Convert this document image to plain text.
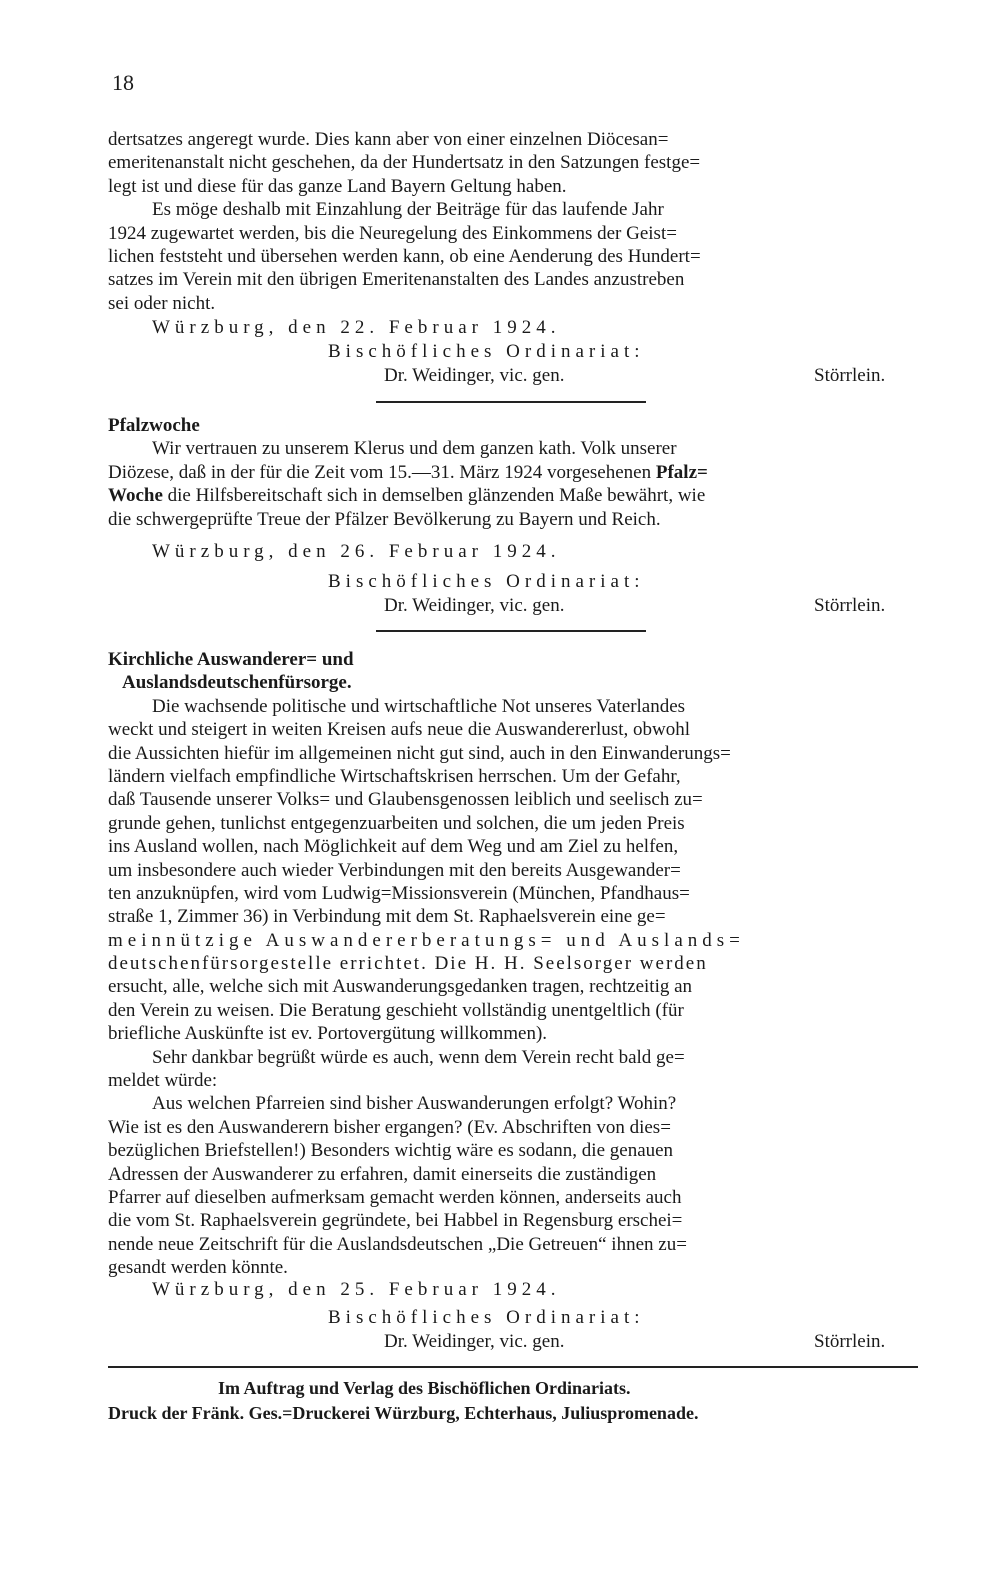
18
dertsatzes angeregt wurde. Dies kann aber von einer einzelnen Diöcesan=
emeritenanstalt nicht geschehen, da der Hundertsatz in den Satzungen festge=
legt ist und diese für das ganze Land Bayern Geltung haben.
Es möge deshalb mit Einzahlung der Beiträge für das laufende Jahr
1924 zugewartet werden, bis die Neuregelung des Einkommens der Geist=
lichen feststeht und übersehen werden kann, ob eine Aenderung des Hundert=
satzes im Verein mit den übrigen Emeritenanstalten des Landes anzustreben
sei oder nicht.
Würzburg, den 22. Februar 1924.
Bischöfliches Ordinariat:
Dr. Weidinger, vic. gen.	Störrlein.
Pfalzwoche
Wir vertrauen zu unserem Klerus und dem ganzen kath. Volk unserer
Diözese, daß in der für die Zeit vom 15.—31. März 1924 vorgesehenen Pfalz=
Woche die Hilfsbereitschaft sich in demselben glänzenden Maße bewährt, wie
die schwergeprüfte Treue der Pfälzer Bevölkerung zu Bayern und Reich.
Würzburg, den 26. Februar 1924.
Bischöfliches Ordinariat:
Dr. Weidinger, vic. gen.	Störrlein.
Kirchliche Auswanderer= und
Auslandsdeutschenfürsorge.
Die wachsende politische und wirtschaftliche Not unseres Vaterlandes
weckt und steigert in weiten Kreisen aufs neue die Auswandererlust, obwohl
die Aussichten hiefür im allgemeinen nicht gut sind, auch in den Einwanderungs=
ländern vielfach empfindliche Wirtschaftskrisen herrschen. Um der Gefahr,
daß Tausende unserer Volks= und Glaubensgenossen leiblich und seelisch zu=
grunde gehen, tunlichst entgegenzuarbeiten und solchen, die um jeden Preis
ins Ausland wollen, nach Möglichkeit auf dem Weg und am Ziel zu helfen,
um insbesondere auch wieder Verbindungen mit den bereits Ausgewander=
ten anzuknüpfen, wird vom Ludwig=Missionsverein (München, Pfandhaus=
straße 1, Zimmer 36) in Verbindung mit dem St. Raphaelsverein eine ge=
meinnützige Auswandererberatungs= und Auslands=
deutschenfürsorgestelle errichtet. Die H. H. Seelsorger werden
ersucht, alle, welche sich mit Auswanderungsgedanken tragen, rechtzeitig an
den Verein zu weisen. Die Beratung geschieht vollständig unentgeltlich (für
briefliche Auskünfte ist ev. Portovergütung willkommen).
Sehr dankbar begrüßt würde es auch, wenn dem Verein recht bald ge=
meldet würde:
Aus welchen Pfarreien sind bisher Auswanderungen erfolgt? Wohin?
Wie ist es den Auswanderern bisher ergangen? (Ev. Abschriften von dies=
bezüglichen Briefstellen!) Besonders wichtig wäre es sodann, die genauen
Adressen der Auswanderer zu erfahren, damit einerseits die zuständigen
Pfarrer auf dieselben aufmerksam gemacht werden können, anderseits auch
die vom St. Raphaelsverein gegründete, bei Habbel in Regensburg erschei=
nende neue Zeitschrift für die Auslandsdeutschen „Die Getreuen“ ihnen zu=
gesandt werden könnte.
Würzburg, den 25. Februar 1924.
Bischöfliches Ordinariat:
Dr. Weidinger, vic. gen.	Störrlein.
Im Auftrag und Verlag des Bischöflichen Ordinariats.
Druck der Fränk. Ges.=Druckerei Würzburg, Echterhaus, Juliuspromenade.
